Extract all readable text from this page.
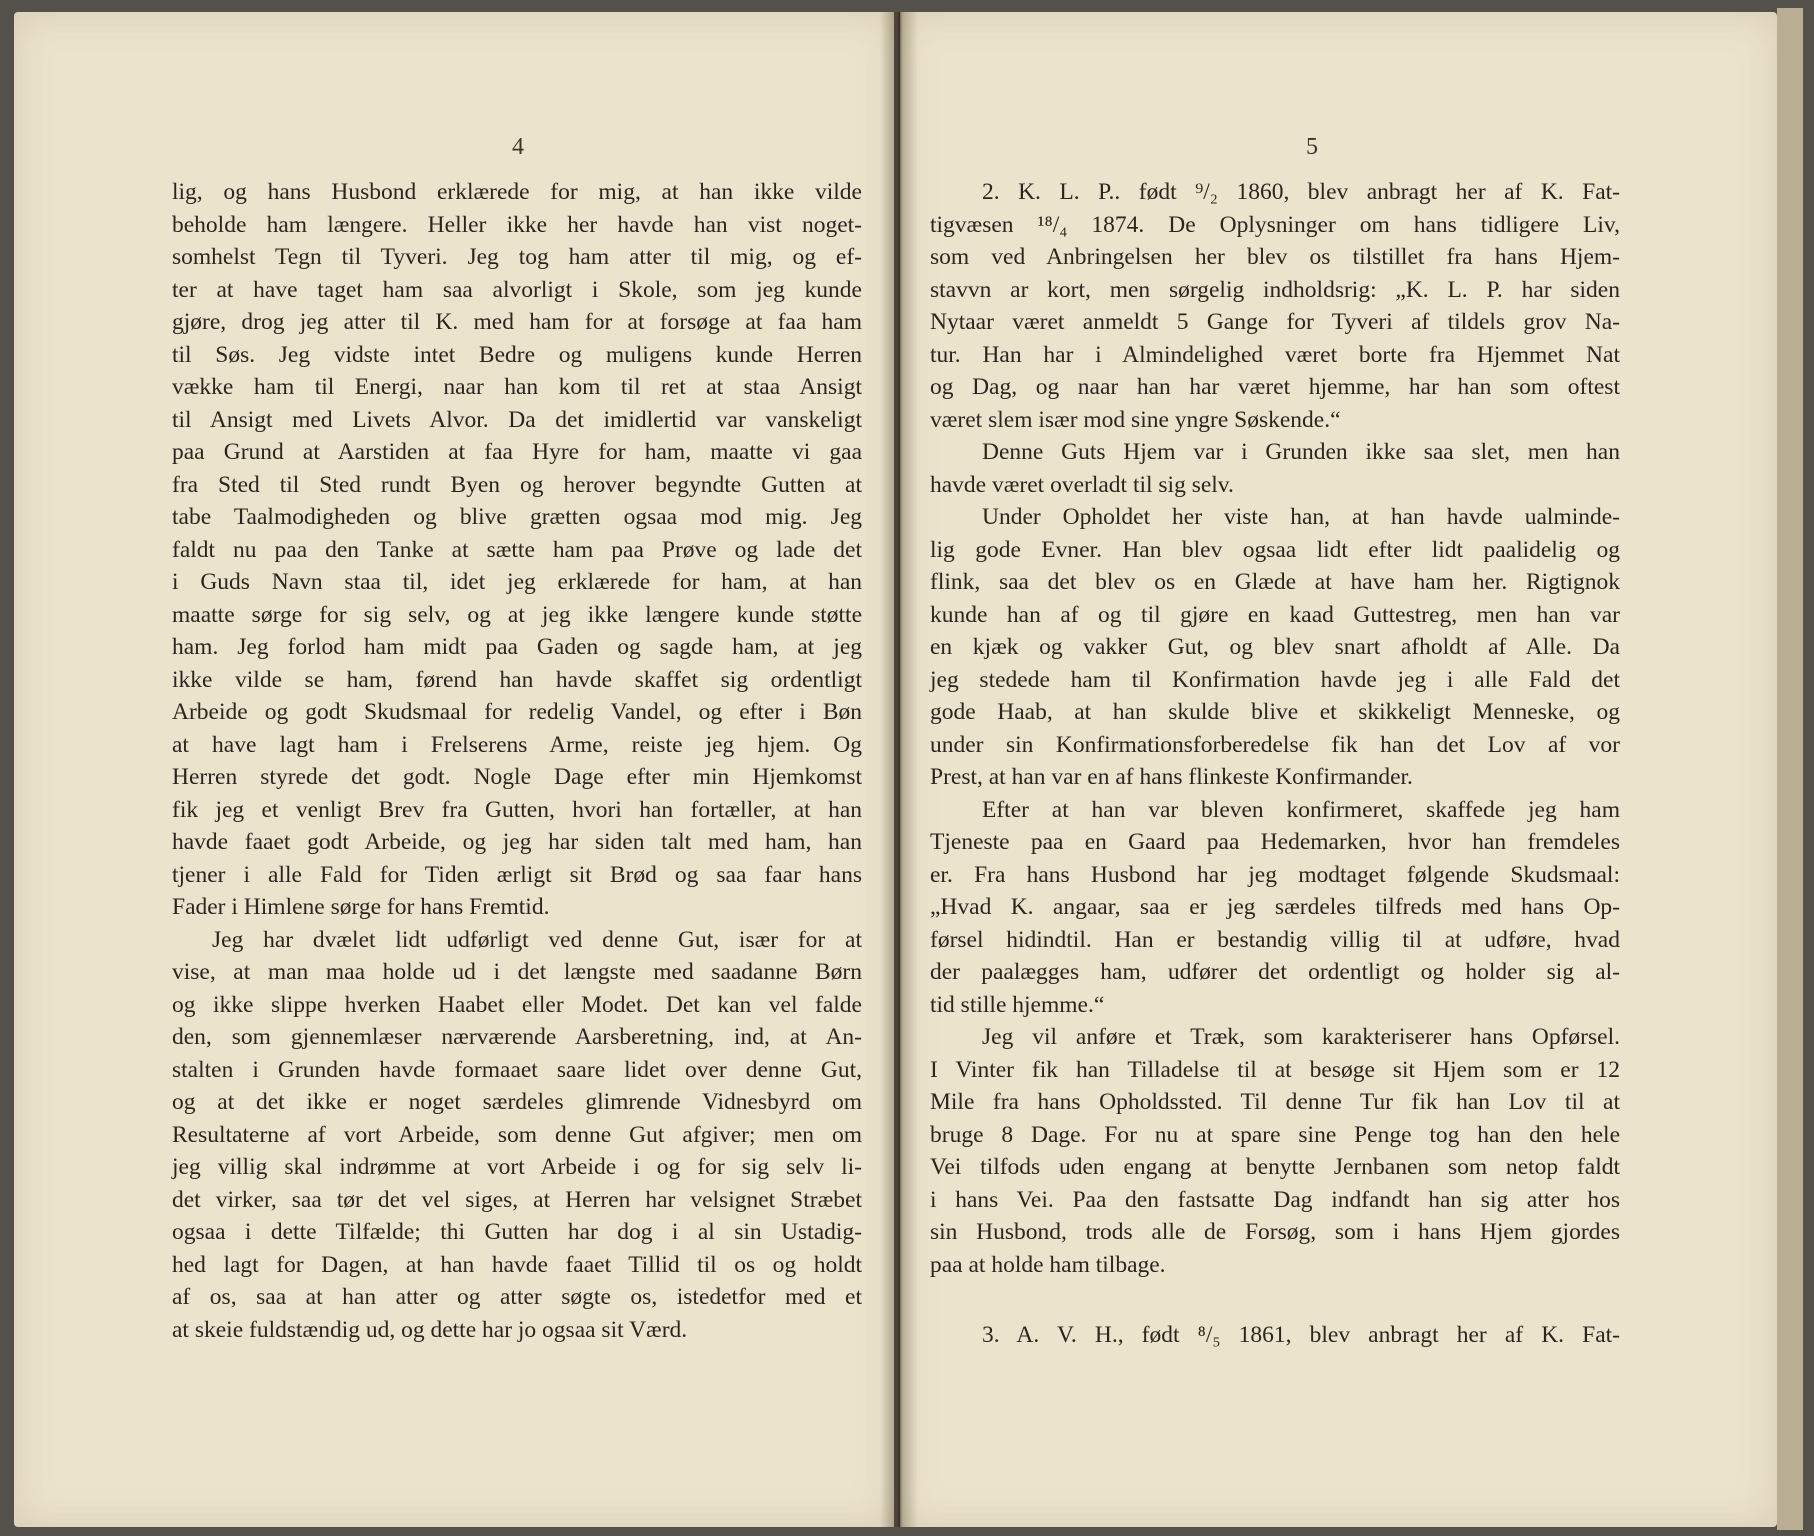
4	5
lig, og hans Husbond erklærede for mig, at han ikke vilde
beholde ham længere. Heller ikke her havde han vist noget-
somhelst Tegn til Tyveri. Jeg tog ham atter til mig, og ef-
ter at have taget ham saa alvorligt i Skole, som jeg kunde
gjøre, drog jeg atter til K. med ham for at forsøge at faa ham
til Søs. Jeg vidste intet Bedre og muligens kunde Herren
vække ham til Energi, naar han kom til ret at staa Ansigt
til Ansigt med Livets Alvor. Da det imidlertid var vanskeligt
paa Grund at Aarstiden at faa Hyre for ham, maatte vi gaa
fra Sted til Sted rundt Byen og herover begyndte Gutten at
tabe Taalmodigheden og blive grætten ogsaa mod mig. Jeg
faldt nu paa den Tanke at sætte ham paa Prøve og lade det
i Guds Navn staa til, idet jeg erklærede for ham, at han
maatte sørge for sig selv, og at jeg ikke længere kunde støtte
ham. Jeg forlod ham midt paa Gaden og sagde ham, at jeg
ikke vilde se ham, førend han havde skaffet sig ordentligt
Arbeide og godt Skudsmaal for redelig Vandel, og efter i Bøn
at have lagt ham i Frelserens Arme, reiste jeg hjem. Og
Herren styrede det godt. Nogle Dage efter min Hjemkomst
fik jeg et venligt Brev fra Gutten, hvori han fortæller, at han
havde faaet godt Arbeide, og jeg har siden talt med ham, han
tjener i alle Fald for Tiden ærligt sit Brød og saa faar hans
Fader i Himlene sørge for hans Fremtid.
Jeg har dvælet lidt udførligt ved denne Gut, især for at
vise, at man maa holde ud i det længste med saadanne Børn
og ikke slippe hverken Haabet eller Modet. Det kan vel falde
den, som gjennemlæser nærværende Aarsberetning, ind, at An-
stalten i Grunden havde formaaet saare lidet over denne Gut,
og at det ikke er noget særdeles glimrende Vidnesbyrd om
Resultaterne af vort Arbeide, som denne Gut afgiver; men om
jeg villig skal indrømme at vort Arbeide i og for sig selv li-
det virker, saa tør det vel siges, at Herren har velsignet Stræbet
ogsaa i dette Tilfælde; thi Gutten har dog i al sin Ustadig-
hed lagt for Dagen, at han havde faaet Tillid til os og holdt
af os, saa at han atter og atter søgte os, istedetfor med et
at skeie fuldstændig ud, og dette har jo ogsaa sit Værd.
2. K. L. P.. født ⁹/₂ 1860, blev anbragt her af K. Fat-
tigvæsen ¹⁸/₄ 1874. De Oplysninger om hans tidligere Liv,
som ved Anbringelsen her blev os tilstillet fra hans Hjem-
stavvn ar kort, men sørgelig indholdsrig: „K. L. P. har siden
Nytaar været anmeldt 5 Gange for Tyveri af tildels grov Na-
tur. Han har i Almindelighed været borte fra Hjemmet Nat
og Dag, og naar han har været hjemme, har han som oftest
været slem især mod sine yngre Søskende.“
Denne Guts Hjem var i Grunden ikke saa slet, men han
havde været overladt til sig selv.
Under Opholdet her viste han, at han havde ualminde-
lig gode Evner. Han blev ogsaa lidt efter lidt paalidelig og
flink, saa det blev os en Glæde at have ham her. Rigtignok
kunde han af og til gjøre en kaad Guttestreg, men han var
en kjæk og vakker Gut, og blev snart afholdt af Alle. Da
jeg stedede ham til Konfirmation havde jeg i alle Fald det
gode Haab, at han skulde blive et skikkeligt Menneske, og
under sin Konfirmationsforberedelse fik han det Lov af vor
Prest, at han var en af hans flinkeste Konfirmander.
Efter at han var bleven konfirmeret, skaffede jeg ham
Tjeneste paa en Gaard paa Hedemarken, hvor han fremdeles
er. Fra hans Husbond har jeg modtaget følgende Skudsmaal:
„Hvad K. angaar, saa er jeg særdeles tilfreds med hans Op-
førsel hidindtil. Han er bestandig villig til at udføre, hvad
der paalægges ham, udfører det ordentligt og holder sig al-
tid stille hjemme.“
Jeg vil anføre et Træk, som karakteriserer hans Opførsel.
I Vinter fik han Tilladelse til at besøge sit Hjem som er 12
Mile fra hans Opholdssted. Til denne Tur fik han Lov til at
bruge 8 Dage. For nu at spare sine Penge tog han den hele
Vei tilfods uden engang at benytte Jernbanen som netop faldt
i hans Vei. Paa den fastsatte Dag indfandt han sig atter hos
sin Husbond, trods alle de Forsøg, som i hans Hjem gjordes
paa at holde ham tilbage.
3. A. V. H., født ⁸/₅ 1861, blev anbragt her af K. Fat-
